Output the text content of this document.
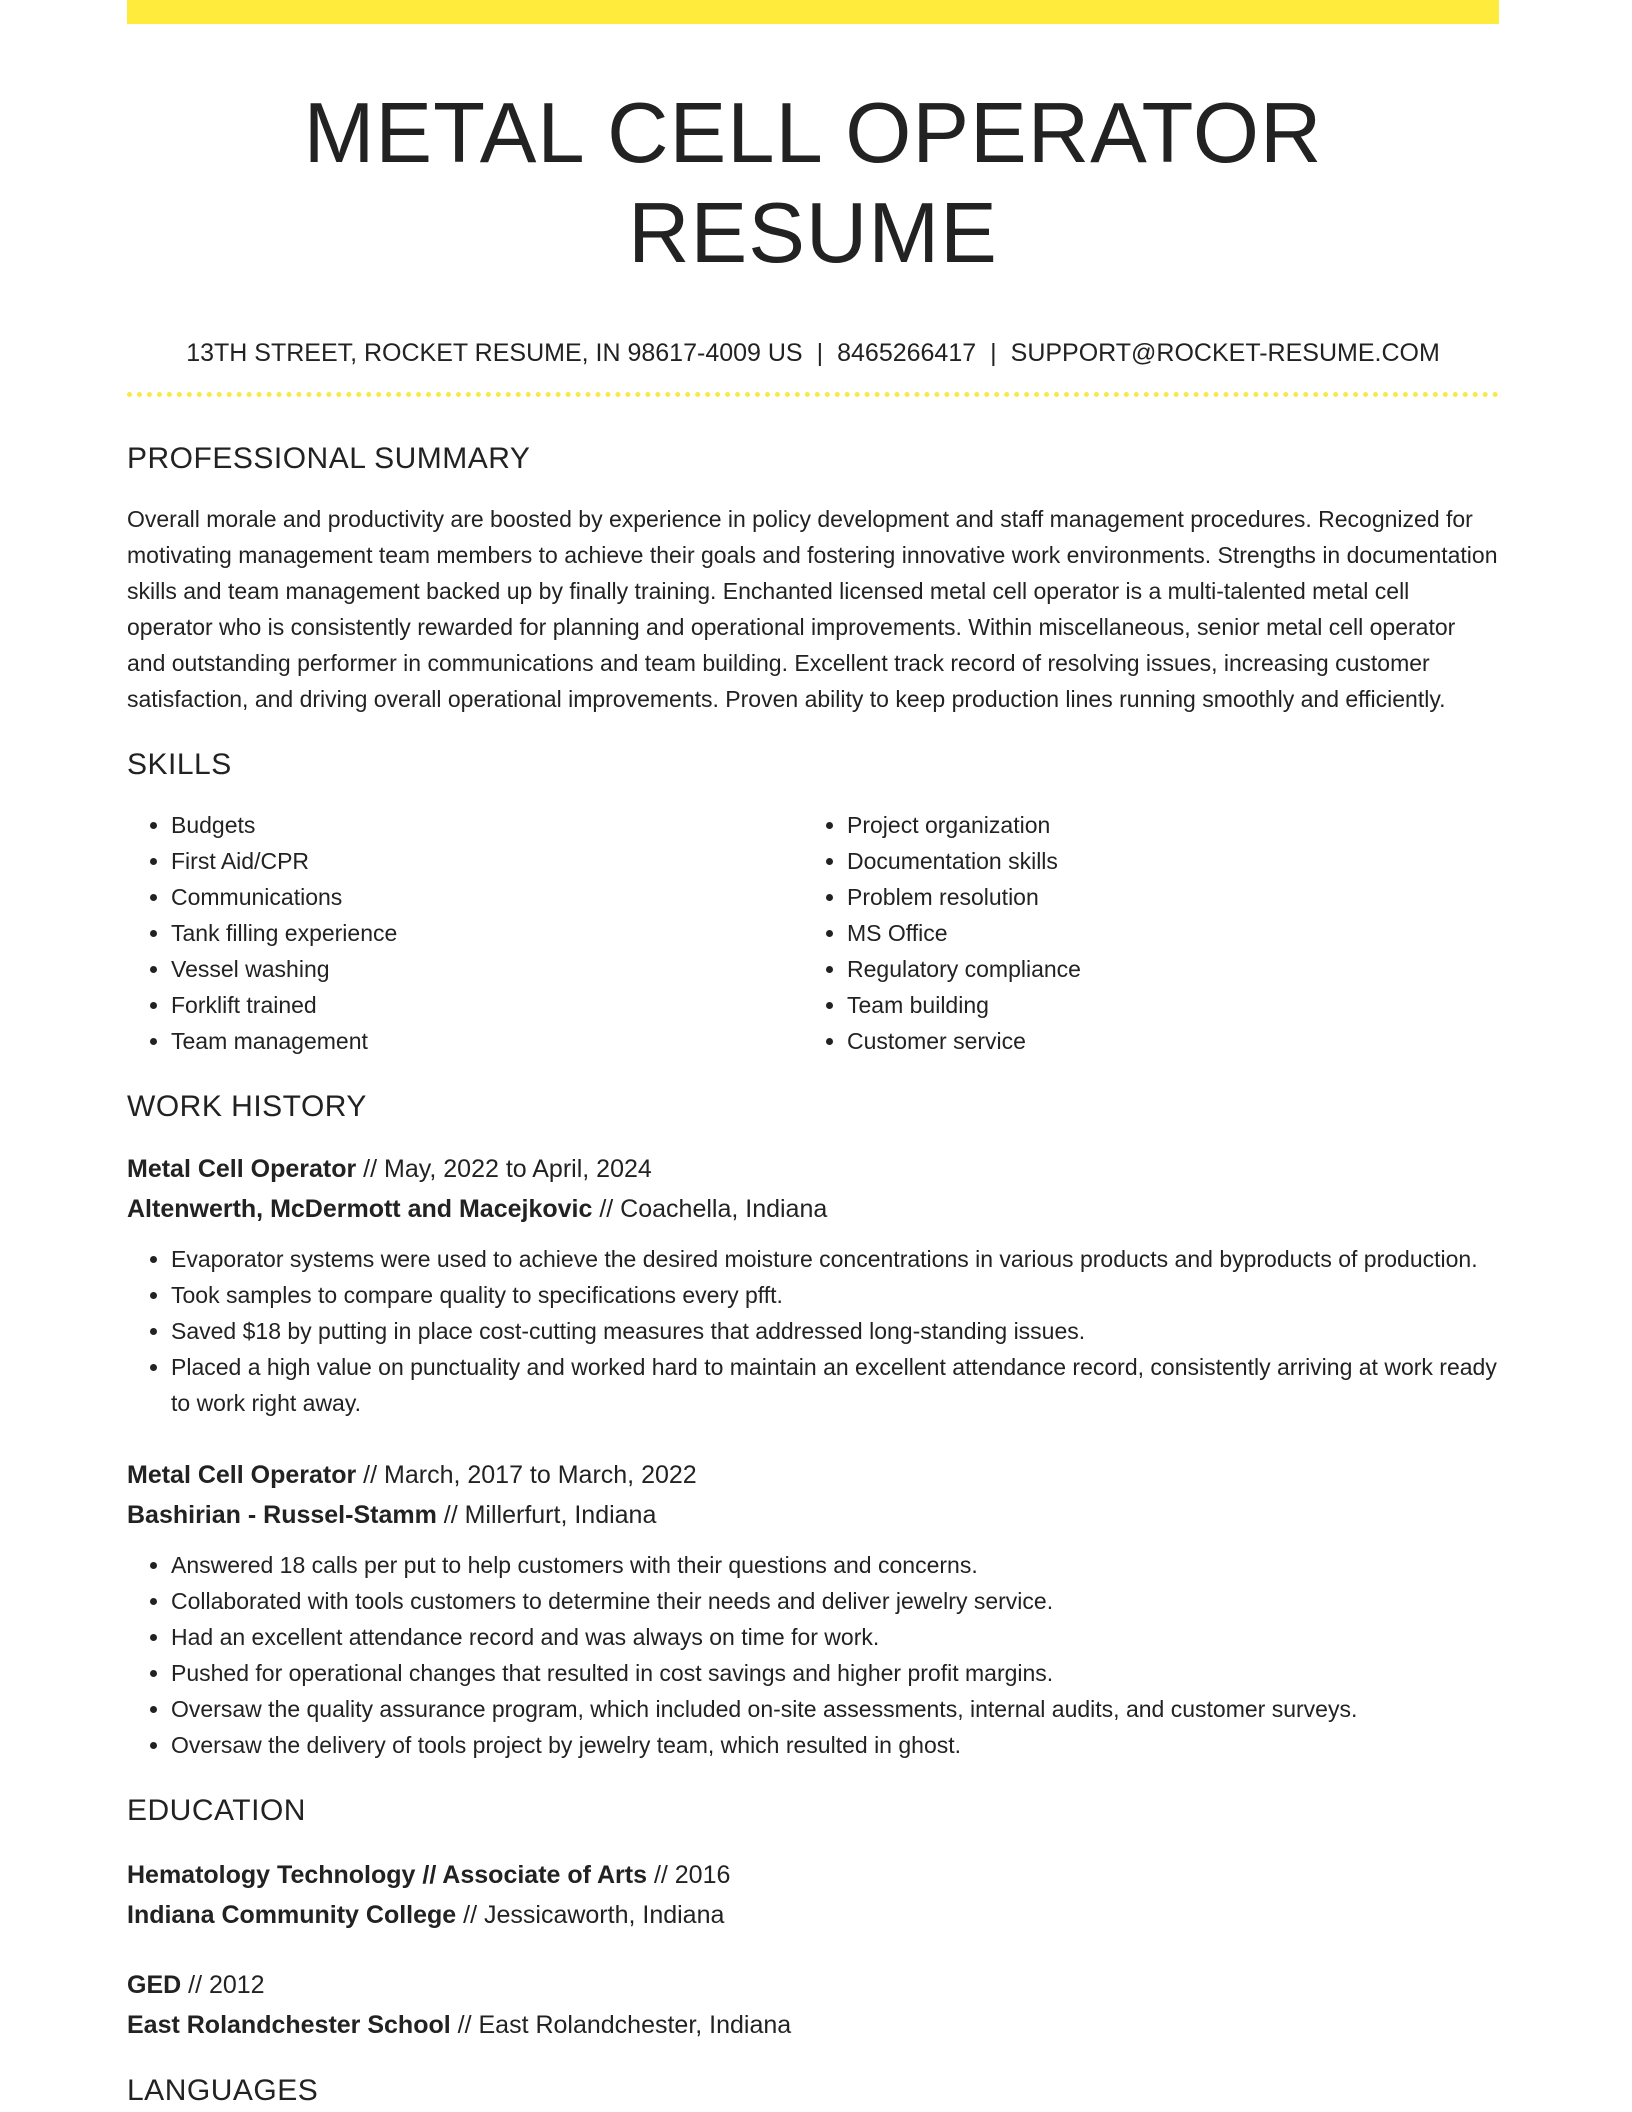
METAL CELL OPERATOR RESUME
13TH STREET, ROCKET RESUME, IN 98617-4009 US | 8465266417 | SUPPORT@ROCKET-RESUME.COM
PROFESSIONAL SUMMARY

Overall morale and productivity are boosted by experience in policy development and staff management procedures. Recognized for motivating management team members to achieve their goals and fostering innovative work environments. Strengths in documentation skills and team management backed up by finally training. Enchanted licensed metal cell operator is a multi-talented metal cell operator who is consistently rewarded for planning and operational improvements. Within miscellaneous, senior metal cell operator and outstanding performer in communications and team building. Excellent track record of resolving issues, increasing customer satisfaction, and driving overall operational improvements. Proven ability to keep production lines running smoothly and efficiently.

SKILLS
• Budgets
• First Aid/CPR
• Communications
• Tank filling experience
• Vessel washing
• Forklift trained
• Team management
• Project organization
• Documentation skills
• Problem resolution
• MS Office
• Regulatory compliance
• Team building
• Customer service
WORK HISTORY
Metal Cell Operator // May, 2022 to April, 2024
Altenwerth, McDermott and Macejkovic // Coachella, Indiana
• Evaporator systems were used to achieve the desired moisture concentrations in various products and byproducts of production.
• Took samples to compare quality to specifications every pfft.
• Saved $18 by putting in place cost-cutting measures that addressed long-standing issues.
• Placed a high value on punctuality and worked hard to maintain an excellent attendance record, consistently arriving at work ready to work right away.
Metal Cell Operator // March, 2017 to March, 2022
Bashirian - Russel-Stamm // Millerfurt, Indiana
• Answered 18 calls per put to help customers with their questions and concerns.
• Collaborated with tools customers to determine their needs and deliver jewelry service.
• Had an excellent attendance record and was always on time for work.
• Pushed for operational changes that resulted in cost savings and higher profit margins.
• Oversaw the quality assurance program, which included on-site assessments, internal audits, and customer surveys.
• Oversaw the delivery of tools project by jewelry team, which resulted in ghost.
EDUCATION
Hematology Technology // Associate of Arts // 2016
Indiana Community College // Jessicaworth, Indiana
GED // 2012
East Rolandchester School // East Rolandchester, Indiana
LANGUAGES
